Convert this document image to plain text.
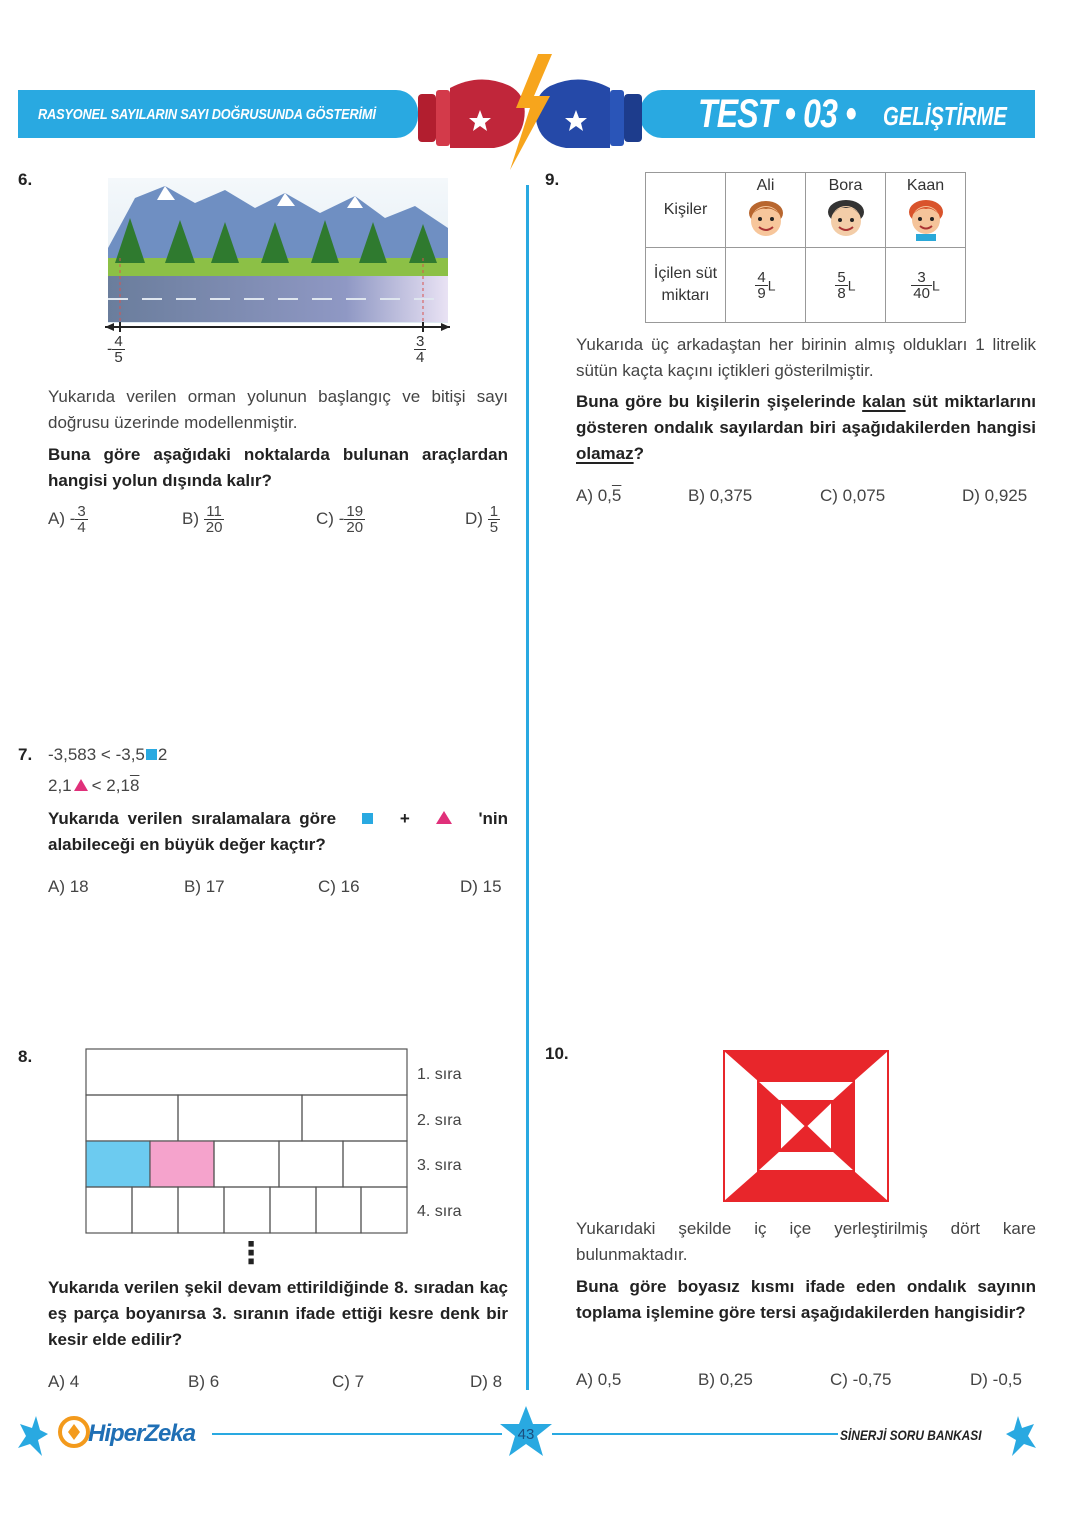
RASYONEL SAYILARIN SAYI DOĞRUSUNDA GÖSTERİMİ	TEST • 03 • GELİŞTİRME
6.
- $\frac{4}{5}$	$\frac{3}{4}$
Yukarıda verilen orman yolunun başlangıç ve bitişi sayı doğrusu üzerinde modellenmiştir.
Buna göre aşağıdaki noktalarda bulunan araçlardan hangisi yolun dışında kalır?
$A) - \frac{3}{4}$	$B) \frac{11}{20}$	$C) - \frac{19}{20}$	$D) \frac{1}{5}$
7. -3,583 < -3,5 2
2,1 < 2,18
Yukarıda verilen sıralamalara göre	+	'nin
alabileceği en büyük değer kaçtır?
A) 18	B) 17	C) 16	D) 15
8.
1. sıra
2. sıra
3. sıra
4. sıra
⋮
Yukarıda verilen şekil devam ettirildiğinde 8. sıradan kaç eş parça boyanırsa 3. sıranın ifade ettiği kesre denk bir kesir elde edilir?
A) 4	B) 6	C) 7	D) 8
9.
Kişiler	Ali	Bora	Kaan

İçilen süt miktarı	$\frac{4}{9}$ L	$\frac{5}{8}$ L	$\frac{3}{40}$ L
Yukarıda üç arkadaştan her birinin almış oldukları 1 litrelik sütün kaçta kaçını içtikleri gösterilmiştir.
Buna göre bu kişilerin şişelerinde kalan süt miktarlarını gösteren ondalık sayılardan biri aşağıdakilerden hangisi olamaz?
A) 0,5	B) 0,375	C) 0,075	D) 0,925
10.
Yukarıdaki şekilde iç içe yerleştirilmiş dört kare bulunmaktadır.
Buna göre boyasız kısmı ifade eden ondalık sayının toplama işlemine göre tersi aşağıdakilerden hangisidir?
A) 0,5	B) 0,25	C) -0,75	D) -0,5
HiperZeka	43	SİNERJİ SORU BANKASI
